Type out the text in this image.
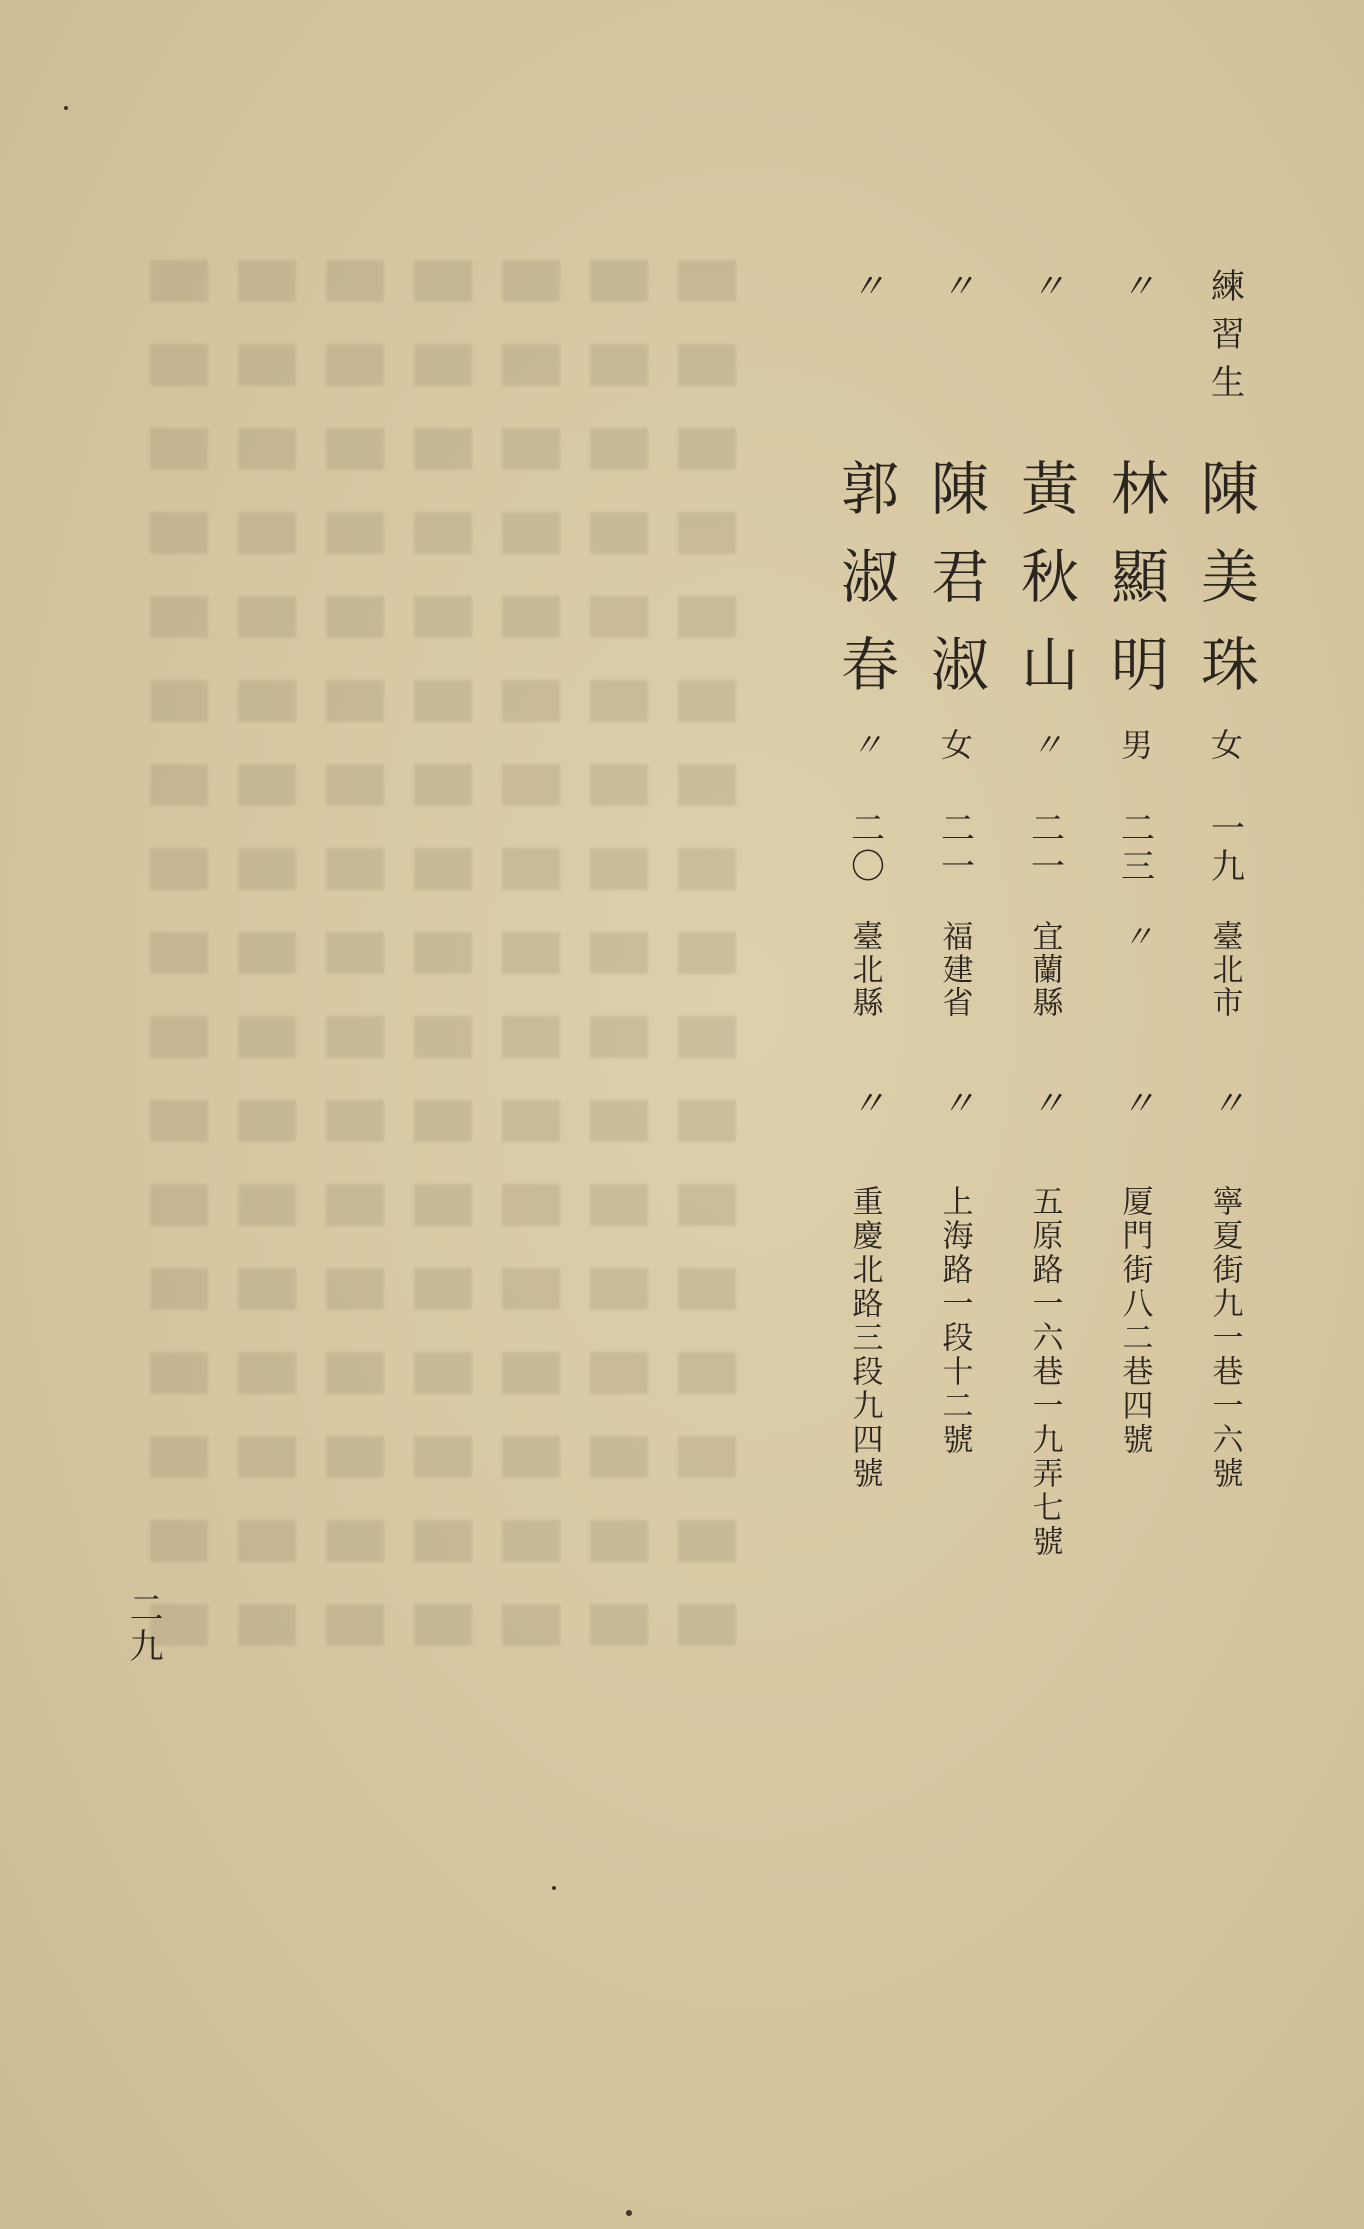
練習生
陳美珠
女
一九
臺北市
〃
寧夏街九一巷一六號
〃
林顯明
男
二三
〃
〃
厦門街八二巷四號
〃
黃秋山
〃
二一
宜蘭縣
〃
五原路一六巷一九弄七號
〃
陳君淑
女
二一
福建省
〃
上海路一段十二號
〃
郭淑春
〃
二〇
臺北縣
〃
重慶北路三段九四號
二九
